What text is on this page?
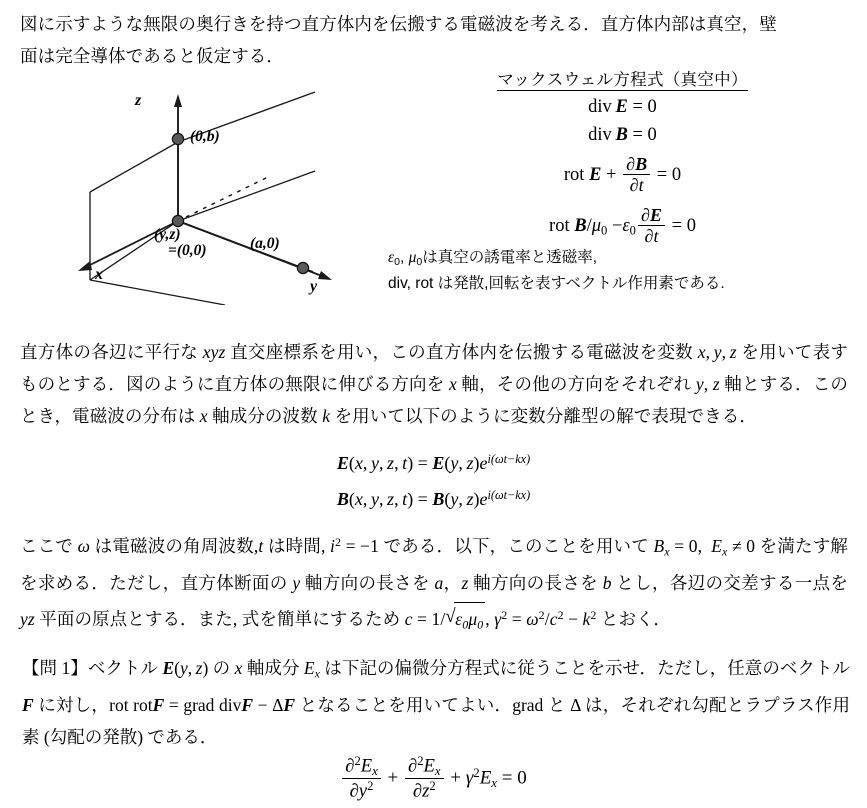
図に示すような無限の奥行きを持つ直方体内を伝搬する電磁波を考える．直方体内部は真空，壁
面は完全導体であると仮定する．
z
x
y
(0,b)
(y,z)
=(0,0)	(a,0)
マックスウェル方程式（真空中）
div  E = 0
div  B = 0
rot $E + \frac{\partial B}{\partial t} = 0$
rot $B/\mu 0 -\varepsilon 0 \frac{\partial E}{\partial t} = 0$
ε0, μ0は真空の誘電率と透磁率,
div, rot は発散,回転を表すベクトル作用素である.
直方体の各辺に平行な xyz 直交座標系を用い，この直方体内を伝搬する電磁波を変数 x, y, z を用いて表すものとする．図のように直方体の無限に伸びる方向を x 軸，その他の方向をそれぞれ y, z 軸とする．このとき，電磁波の分布は x 軸成分の波数 k を用いて以下のように変数分離型の解で表現できる．
E(x, y, z, t) = E(y, $z)e^{i(\omega t-kx)}$
B(x, y, z, t) = B(y, $z)e^{i(\omega t-kx)}$
ここで ω は電磁波の角周波数,t は時間, $i^2 = -1$ である．以下，このことを用いて $B_x = 0$,  $E_x \ne 0$ を満たす解を求める．ただし，直方体断面の y 軸方向の長さを a，z 軸方向の長さを b とし，各辺の交差する一点を yz 平面の原点とする．また, 式を簡単にするため c = 1/ √ $\varepsilon_0\mu_0$ , $\gamma^2 = \omega^2/c^2 - k^2$ とおく．
【問 1】ベクトル E(y, z) の x 軸成分 $E_x$ は下記の偏微分方程式に従うことを示せ．ただし，任意のベクトル F に対し，rot rotF = grad divF − ΔF となることを用いてよい．grad と Δ は，それぞれ勾配とラプラス作用素 (勾配の発散) である．
$\frac{\partial^2E_x}{\partial y^2} + \frac{\partial^2E_x}{\partial z^2} + \gamma^2E_x = 0$
